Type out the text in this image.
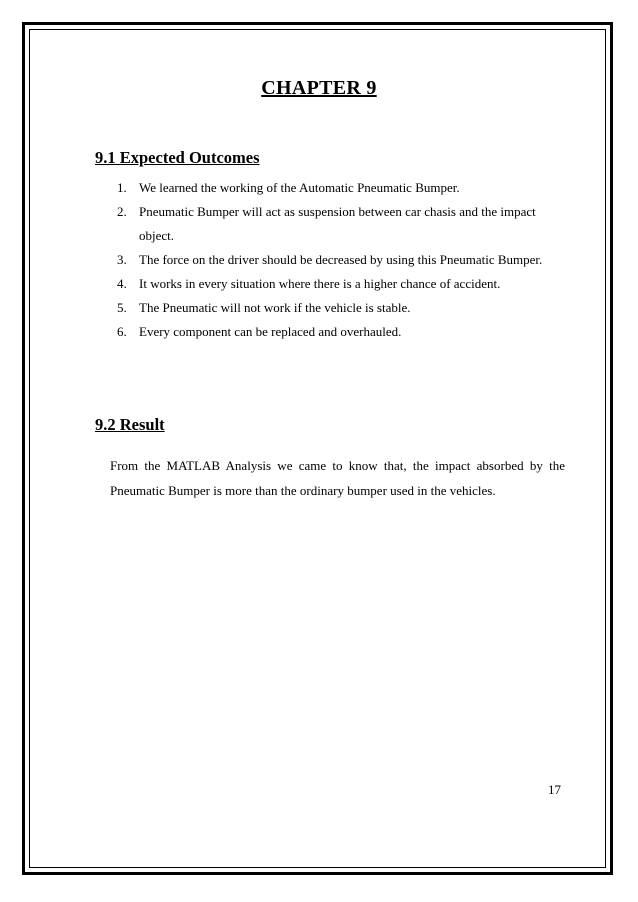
CHAPTER 9
9.1 Expected Outcomes
1. We learned the working of the Automatic Pneumatic Bumper.
2. Pneumatic Bumper will act as suspension between car chasis and the impact object.
3. The force on the driver should be decreased by using this Pneumatic Bumper.
4. It works in every situation where there is a higher chance of accident.
5. The Pneumatic will not work if the vehicle is stable.
6. Every component can be replaced and overhauled.
9.2 Result

From the MATLAB Analysis we came to know that, the impact absorbed by the Pneumatic Bumper is more than the ordinary bumper used in the vehicles.

17
